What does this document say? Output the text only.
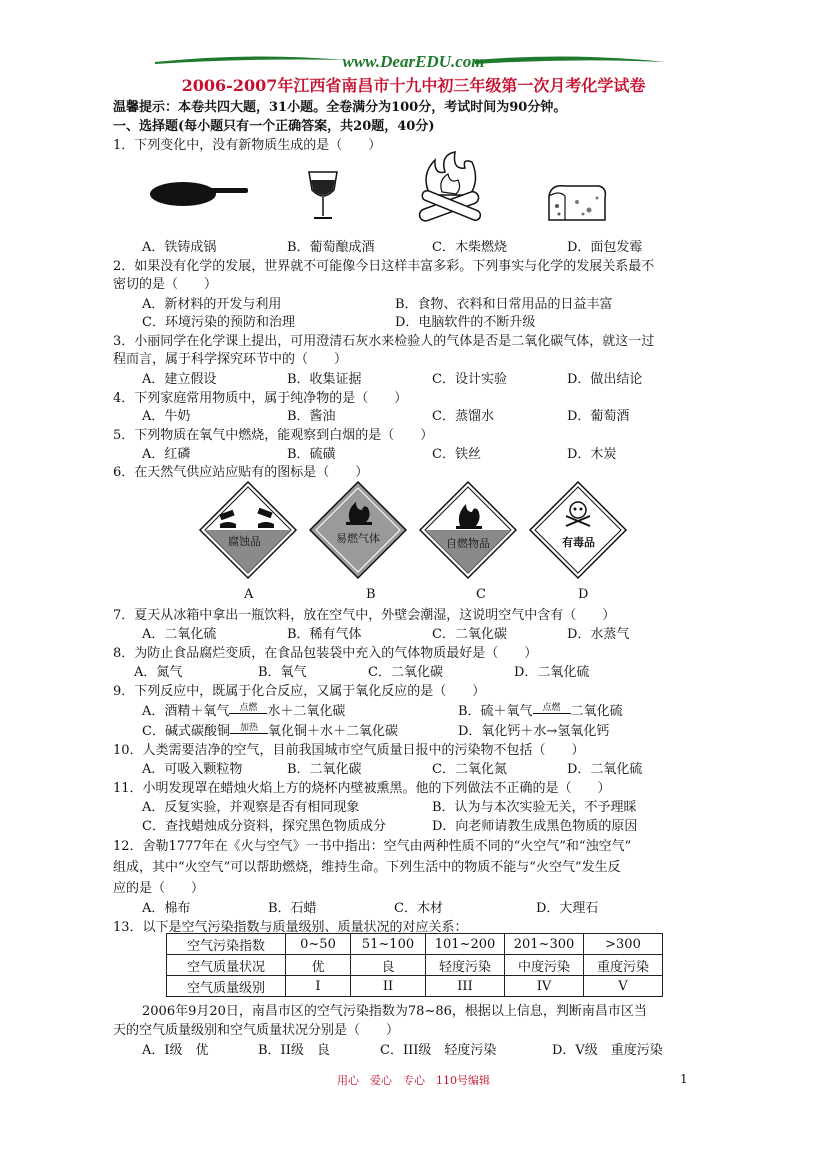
www.DearEDU.com
2006-2007年江西省南昌市十九中初三年级第一次月考化学试卷
温馨提示：本卷共四大题，31小题。全卷满分为100分，考试时间为90分钟。
一、选择题(每小题只有一个正确答案，共20题，40分)
1．下列变化中，没有新物质生成的是（　　）
A．铁铸成锅	B．葡萄酿成酒	C．木柴燃烧	D．面包发霉
2．如果没有化学的发展，世界就不可能像今日这样丰富多彩。下列事实与化学的发展关系最不
密切的是（　　）
A．新材料的开发与利用	B．食物、衣料和日常用品的日益丰富
C．环境污染的预防和治理	D．电脑软件的不断升级
3．小丽同学在化学课上提出，可用澄清石灰水来检验人的气体是否是二氧化碳气体，就这一过
程而言，属于科学探究环节中的（　　）
A．建立假设	B．收集证据	C．设计实验	D．做出结论
4．下列家庭常用物质中，属于纯净物的是（　　）
A．牛奶	B．酱油	C．蒸馏水	D．葡萄酒
5．下列物质在氧气中燃烧，能观察到白烟的是（　　）
A．红磷	B．硫磺	C．铁丝	D．木炭
6．在天然气供应站应贴有的图标是（　　）
腐蚀品	易燃气体	自燃物品	有毒品
A	B	C	D
7．夏天从冰箱中拿出一瓶饮料，放在空气中，外壁会潮湿，这说明空气中含有（　　）
A．二氧化硫	B．稀有气体	C．二氧化碳	D．水蒸气
8．为防止食品腐烂变质，在食品包装袋中充入的气体物质最好是（　　）
A．氮气	B．氧气	C．二氧化碳	D．二氧化硫
9．下列反应中，既属于化合反应，又属于氧化反应的是（　　）
A．酒精＋氧气 点燃 水＋二氧化碳	B．硫＋氧气 点燃 二氧化硫
C．碱式碳酸铜 加热 氧化铜＋水＋二氧化碳	D．氧化钙＋水→氢氧化钙
10．人类需要洁净的空气，目前我国城市空气质量日报中的污染物不包括（　　）
A．可吸入颗粒物	B．二氧化碳	C．二氧化氮	D．二氧化硫
11．小明发现罩在蜡烛火焰上方的烧杯内壁被熏黑。他的下列做法不正确的是（　　）
A．反复实验，并观察是否有相同现象	B．认为与本次实验无关，不予理睬
C．查找蜡烛成分资料，探究黑色物质成分	D．向老师请教生成黑色物质的原因
12．舍勒1777年在《火与空气》一书中指出：空气由两种性质不同的“火空气”和“浊空气”
组成，其中“火空气”可以帮助燃烧，维持生命。下列生活中的物质不能与“火空气”发生反
应的是（　　）
A．棉布	B．石蜡	C．木材	D．大理石
13．以下是空气污染指数与质量级别、质量状况的对应关系：
空气污染指数	0~50	51~100	101~200	201~300	>300
空气质量状况	优	良	轻度污染	中度污染	重度污染
空气质量级别	I	II	III	IV	V
2006年9月20日，南昌市区的空气污染指数为78~86，根据以上信息，判断南昌市区当
天的空气质量级别和空气质量状况分别是（　　）
A．I级　优	B．II级　良	C．III级　轻度污染	D．V级　重度污染
用心　爱心　专心　110号编辑	1
